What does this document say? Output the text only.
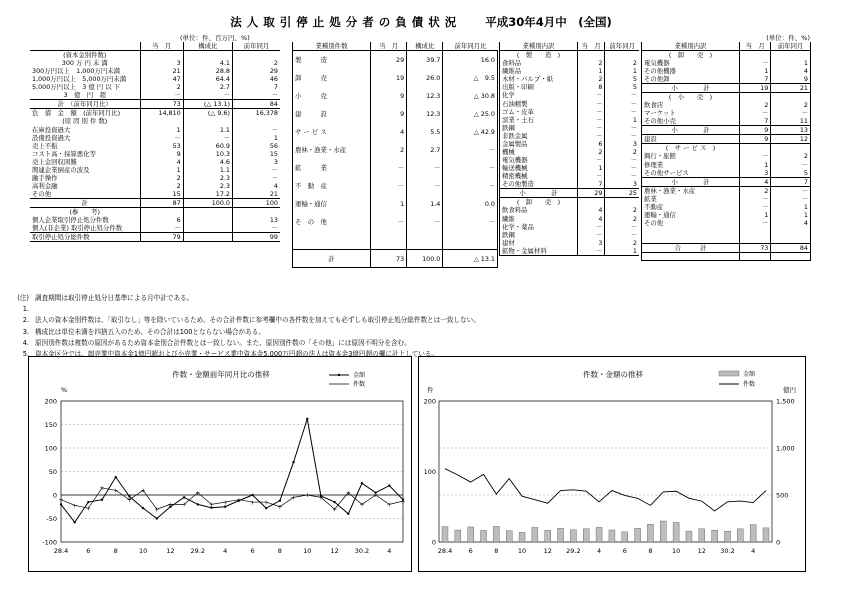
法人取引停止処分者の負債状況 平成30年4月中　(全国)
(単位：件、百万円、%)	(単位：件、%)
	当　月	構成比	前年同月
(資本金別件数)			
300 万 円 未 満	3	4.1	2
300万円以上　1,000万円未満	21	28.8	29
1,000万円以上　5,000万円未満	47	64.4	46
5,000万円以上　3 億 円 以 下	2	2.7	7
3　億　円　超	－	－	－
計　（前年同月比）	73	(△ 13.1)	84
負　債　金　額　(前年同月比)	14,810	(△ 9.6)	16,378
(原 因 別 件 数)			
在庫投資過大	1	1.1	－
設備投資過大	－	－	1
売上不振	53	60.9	56
コスト高・採算悪化等	9	10.3	15
売上金回収困難	4	4.6	3
関連企業倒産の波及	1	1.1	－
融手操作	2	2.3	－
高利金融	2	2.3	4
その他	15	17.2	21
計	87	100.0	100
(参　　考)			
個人企業取引停止処分件数	6		13
個人(非企業) 取引停止処分件数	－		－
取引停止処分総件数	79		99
業種別件数	当　月	構成比	前年同月比
製　　　造	29	39.7	16.0
卸　　　売	19	26.0	△　9.5
小　　　売	9	12.3	△ 30.8
建　　　設	9	12.3	△ 25.0
サ ー ビ ス	4	5.5	△ 42.9
農林・漁業・水産	2	2.7	－
鉱　　　業	－	－	－
不　動　産	－	－	－
運輸・通信	1	1.4	0.0
そ　の　他	－	－	－

計	73	100.0	△ 13.1
業種別内訳	当　月	前年同月
(　製　　造　)		
食料品	2	2
繊維品	1	1
木材・パルプ・紙	2	5
出版・印刷	8	5
化学	－	－
石油精製	－	－
ゴム・皮革	－	－
窯業・土石	－	1
鉄鋼	－	－
非鉄金属	－	－
金属製品	6	3
機械	2	2
電気機器	－	－
輸送機械	1	－
精密機械	－	－
その他製造	7	3
小　　　　計	29	25
(　卸　　売　)		
飲食料品	4	2
繊維	4	2
化学・薬品	－	－
鉄鋼	－	－
建材	3	2
鉱物・金属材料	－	1
業種別内訳	当　月	前年同月
(　卸　　売　)		
電気機器	－	1
その他機器	1	4
その他卸	7	9
小　　　　計	19	21
(　小　　売　)		
飲食店	2	2
マーケット	－	－
その他小売	7	11
小　　　　計	9	13
建設	9	12
(　サ ー ビ ス　)		
興行・旅館	－	2
修理業	1	－
その他サービス	3	5
小　　　　計	4	7
農林・漁業・水産	2	－
鉱業	－	－
不動産	－	1
運輸・通信	1	1
その他	－	4

合　　　計	73	84

(注)　1.
調査期間は取引停止処分日基準による月中計である。
2. 法人の資本金別件数は、「取引なし」等を除いているため、その合計件数に参考欄中の各件数を加えても必ずしも取引停止処分総件数とは一致しない。
3. 構成比は単位未満を四捨五入のため、その合計は100とならない場合がある。
4. 原因別件数は複数の原因があるため資本金別合計件数とは一致しない。また、原因別件数の「その他」には原因不明分を含む。
5. 資本金区分では、卸売業中資本金1億円超および小売業・サービス業中資本金5,000万円超の法人は資本金3億円超の欄に計上している。
件数・金額前年同月比の推移
%
200
150
100
50
0
-50
-100
28.4	6	8	10	12 29.2	4	6	8	10	12 30.2	4
+
+ +
+ +
+
+
+
+ +
+
+ + + + +
+
+ + +
+
+
+
+
+ +
金額
件数
件数・金額の推移
件	億円
200
100
0
1,500
1,000
500
0
28.4	6	8	10	12 29.2	4	6	8	10	12 30.2	4
金額
件数
